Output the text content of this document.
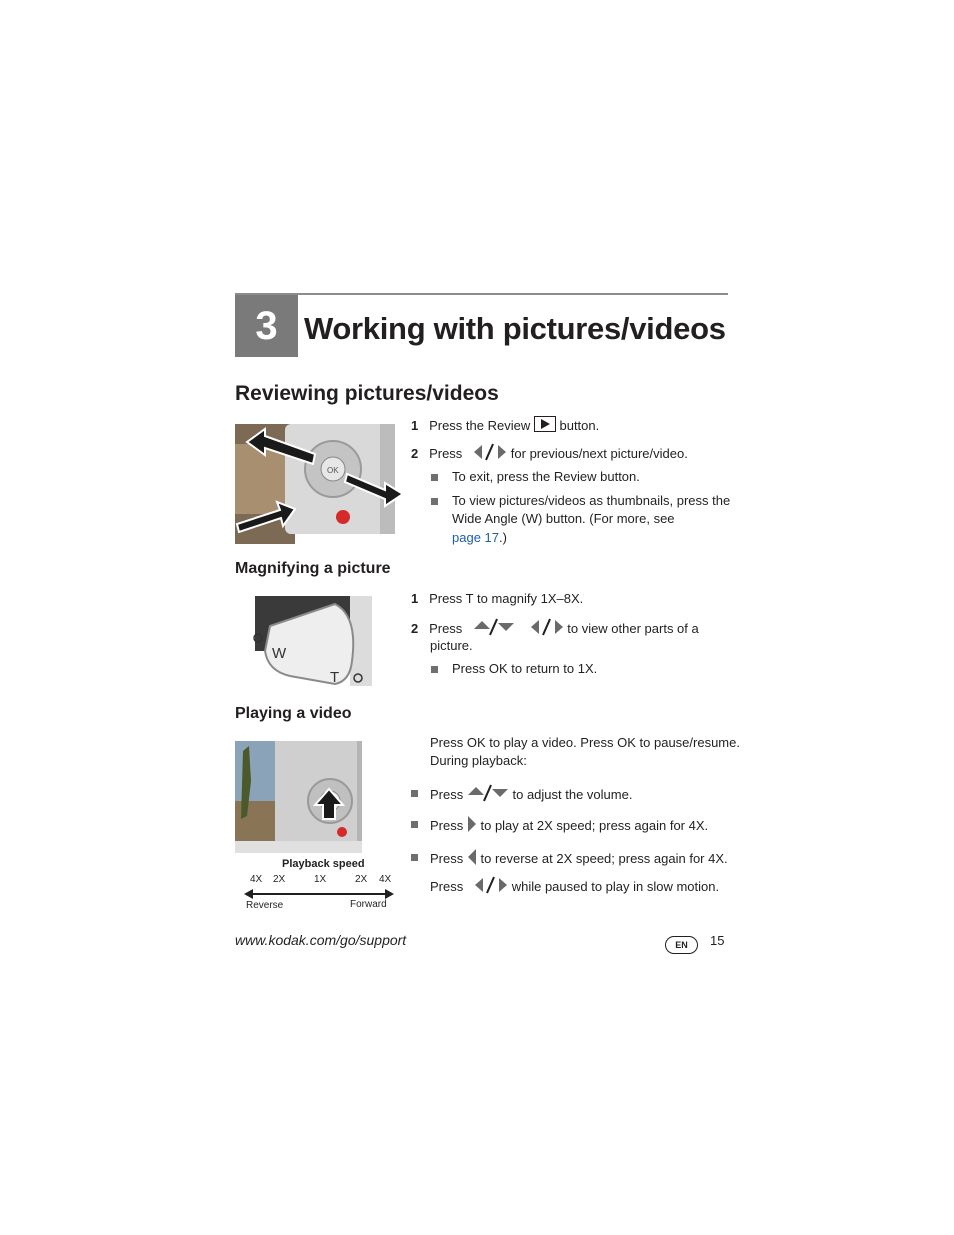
3 Working with pictures/videos
Reviewing pictures/videos
OK
1 Press the Review button.
2 Press	for previous/next picture/video.
To exit, press the Review button.
To view pictures/videos as thumbnails, press the
Wide Angle (W) button. (For more, see
page 17.)
Magnifying a picture
W
T
1 Press T to magnify 1X–8X.
2 Press	to view other parts of a
picture.
Press OK to return to 1X.
Playing a video
Playback speed
4X 2X	1X	2X 4X
Reverse	Forward
Press OK to play a video. Press OK to pause/resume.
During playback:
Press	to adjust the volume.
Press to play at 2X speed; press again for 4X.
Press to reverse at 2X speed; press again for 4X.
Press	while paused to play in slow motion.
www.kodak.com/go/support	EN	15
